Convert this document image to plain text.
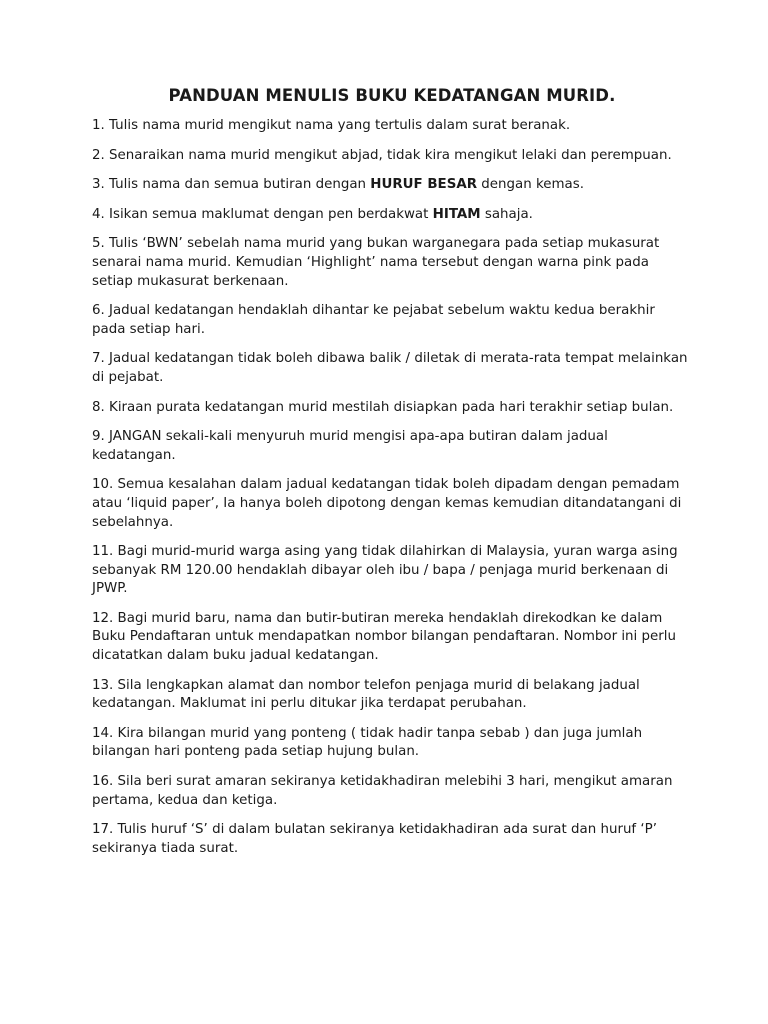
PANDUAN MENULIS BUKU KEDATANGAN MURID.

1. Tulis nama murid mengikut nama yang tertulis dalam surat beranak.

2. Senaraikan nama murid mengikut abjad, tidak kira mengikut lelaki dan perempuan.

3. Tulis nama dan semua butiran dengan HURUF BESAR dengan kemas.

4. Isikan semua maklumat dengan pen berdakwat HITAM sahaja.

5. Tulis ‘BWN’ sebelah nama murid yang bukan warganegara pada setiap mukasurat senarai nama murid. Kemudian ‘Highlight’ nama tersebut dengan warna pink pada setiap mukasurat berkenaan.

6. Jadual kedatangan hendaklah dihantar ke pejabat sebelum waktu kedua berakhir pada setiap hari.

7. Jadual kedatangan tidak boleh dibawa balik / diletak di merata-rata tempat melainkan di pejabat.

8. Kiraan purata kedatangan murid mestilah disiapkan pada hari terakhir setiap bulan.

9. JANGAN sekali-kali menyuruh murid mengisi apa-apa butiran dalam jadual kedatangan.

10. Semua kesalahan dalam jadual kedatangan tidak boleh dipadam dengan pemadam atau ‘liquid paper’, Ia hanya boleh dipotong dengan kemas kemudian ditandatangani di sebelahnya.

11. Bagi murid-murid warga asing yang tidak dilahirkan di Malaysia, yuran warga asing sebanyak RM 120.00 hendaklah dibayar oleh ibu / bapa / penjaga murid berkenaan di JPWP.

12. Bagi murid baru, nama dan butir-butiran mereka hendaklah direkodkan ke dalam Buku Pendaftaran untuk mendapatkan nombor bilangan pendaftaran. Nombor ini perlu dicatatkan dalam buku jadual kedatangan.

13. Sila lengkapkan alamat dan nombor telefon penjaga murid di belakang jadual kedatangan. Maklumat ini perlu ditukar jika terdapat perubahan.

14. Kira bilangan murid yang ponteng ( tidak hadir tanpa sebab ) dan juga jumlah bilangan hari ponteng pada setiap hujung bulan.

16. Sila beri surat amaran sekiranya ketidakhadiran melebihi 3 hari, mengikut amaran pertama, kedua dan ketiga.

17. Tulis huruf ‘S’ di dalam bulatan sekiranya ketidakhadiran ada surat dan huruf ‘P’ sekiranya tiada surat.
